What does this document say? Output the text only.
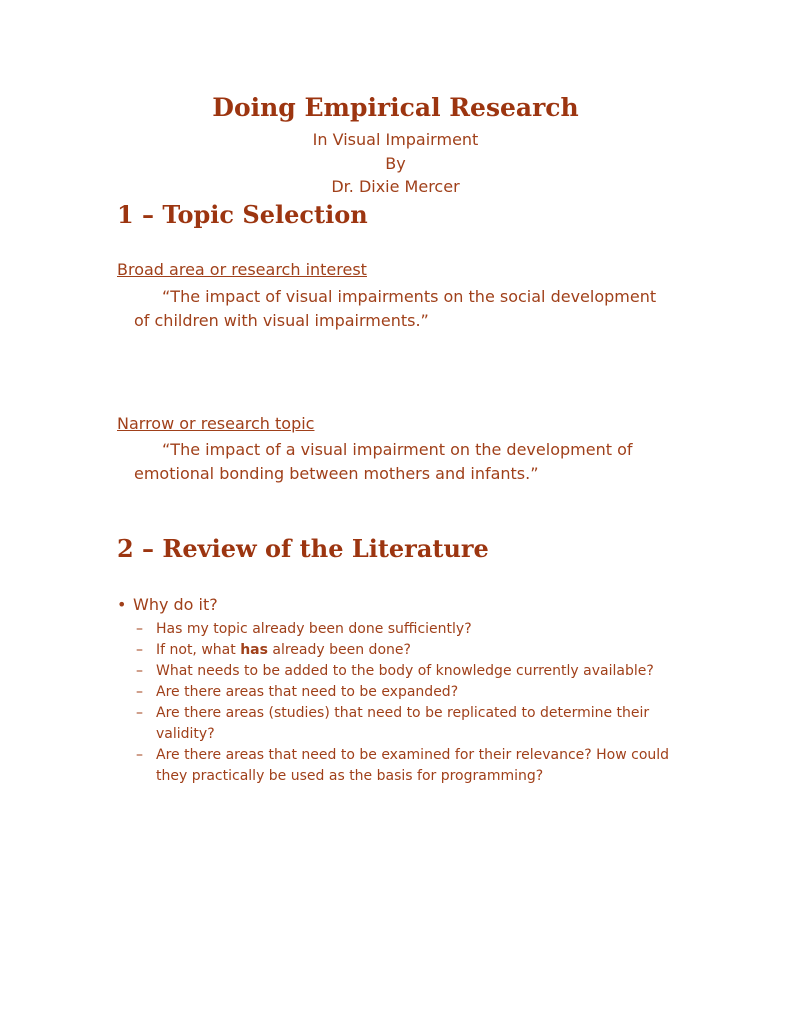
Doing Empirical Research

In Visual Impairment

By

Dr. Dixie Mercer

1 – Topic Selection

Broad area or research interest

“The impact of visual impairments on the social development of children with visual impairments.”

Narrow or research topic

“The impact of a visual impairment on the development of emotional bonding between mothers and infants.”

2 – Review of the Literature

• Why do it?

– Has my topic already been done sufficiently?
– If not, what has already been done?
– What needs to be added to the body of knowledge currently available?
– Are there areas that need to be expanded?
– Are there areas (studies) that need to be replicated to determine their validity?
– Are there areas that need to be examined for their relevance? How could they practically be used as the basis for programming?
